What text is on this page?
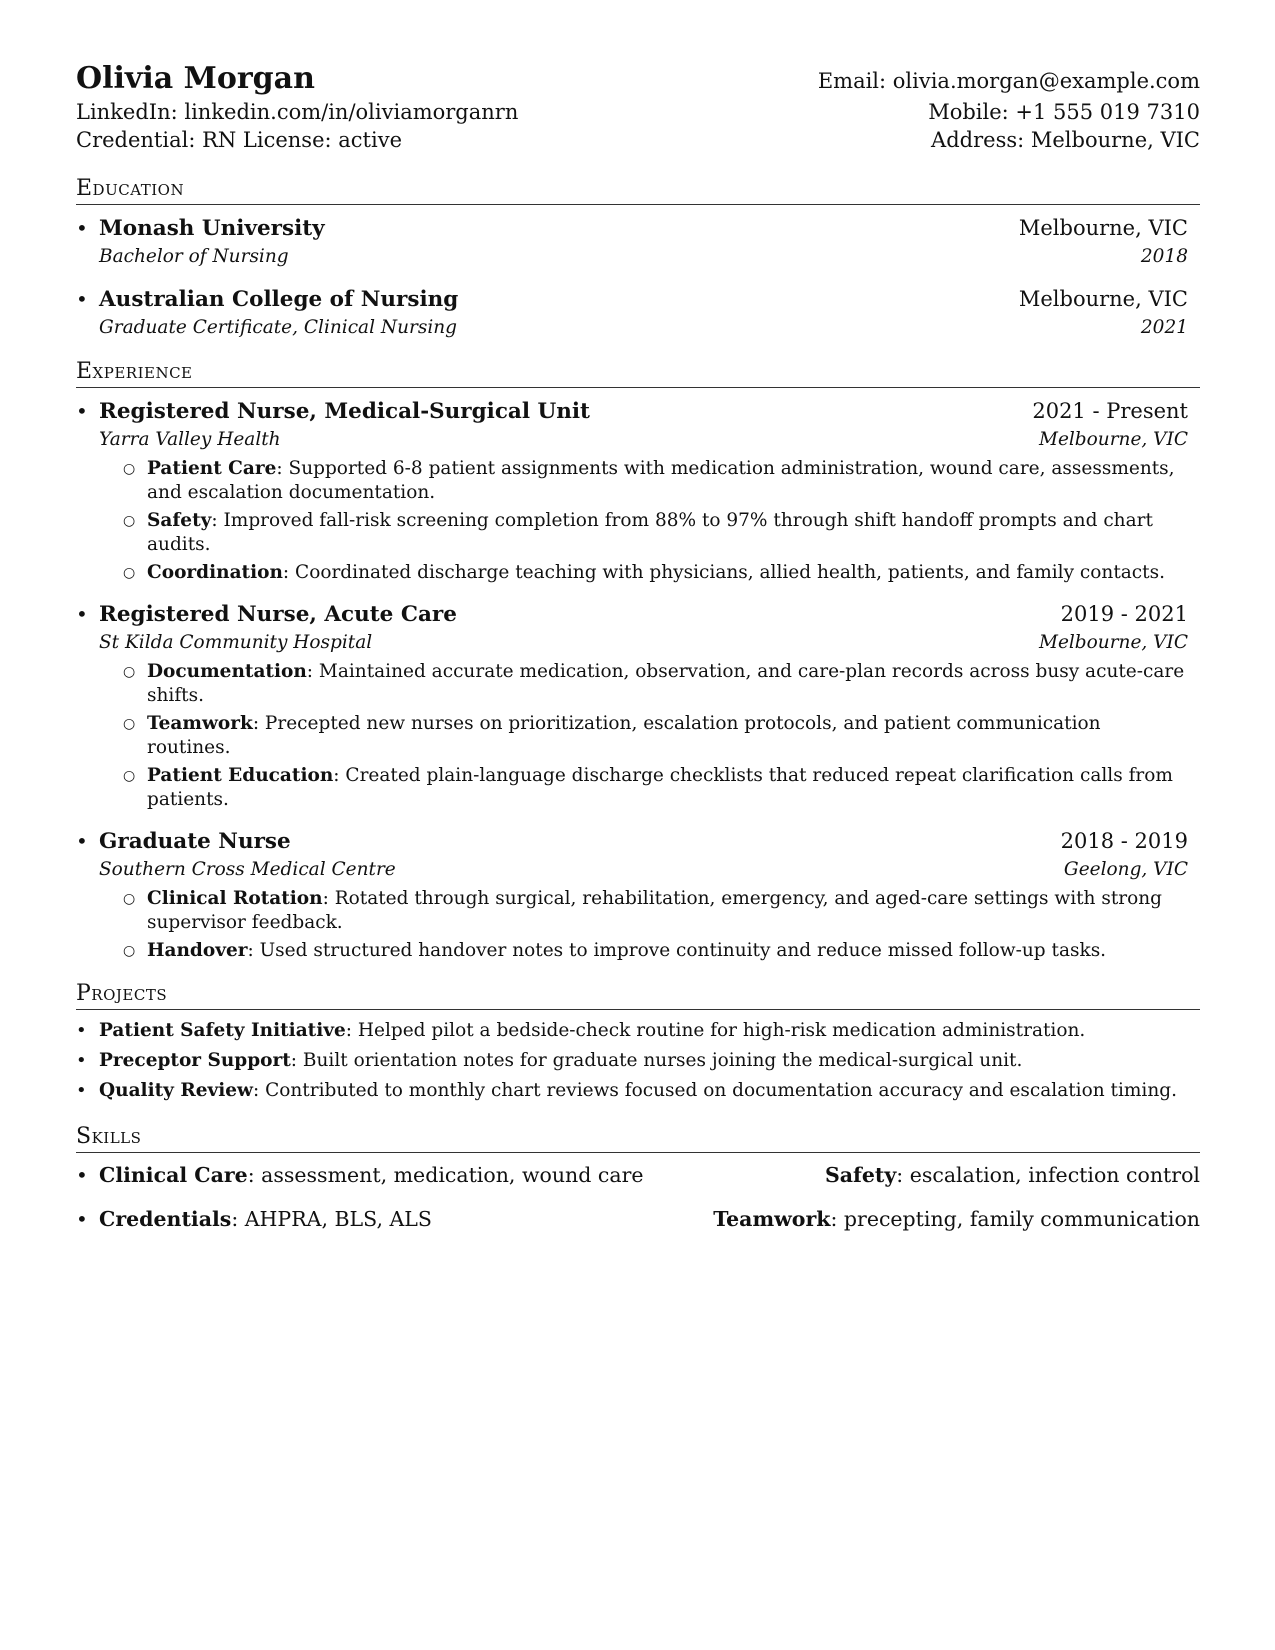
Olivia Morgan	Email: olivia.morgan@example.com
LinkedIn: linkedin.com/in/oliviamorganrn	Mobile: +1 555 019 7310
Credential: RN License: active	Address: Melbourne, VIC
Education
• Monash University	Melbourne, VIC
Bachelor of Nursing	2018
• Australian College of Nursing	Melbourne, VIC
Graduate Certificate, Clinical Nursing	2021
Experience
• Registered Nurse, Medical-Surgical Unit	2021 - Present
Yarra Valley Health	Melbourne, VIC
○ Patient Care: Supported 6-8 patient assignments with medication administration, wound care, assessments, and escalation documentation.
○ Safety: Improved fall-risk screening completion from 88% to 97% through shift handoff prompts and chart audits.
○ Coordination: Coordinated discharge teaching with physicians, allied health, patients, and family contacts.
• Registered Nurse, Acute Care	2019 - 2021
St Kilda Community Hospital	Melbourne, VIC
○ Documentation: Maintained accurate medication, observation, and care-plan records across busy acute-care shifts.
○ Teamwork: Precepted new nurses on prioritization, escalation protocols, and patient communication routines.
○ Patient Education: Created plain-language discharge checklists that reduced repeat clarification calls from patients.
• Graduate Nurse	2018 - 2019
Southern Cross Medical Centre	Geelong, VIC
○ Clinical Rotation: Rotated through surgical, rehabilitation, emergency, and aged-care settings with strong supervisor feedback.
○ Handover: Used structured handover notes to improve continuity and reduce missed follow-up tasks.
Projects
• Patient Safety Initiative: Helped pilot a bedside-check routine for high-risk medication administration.
• Preceptor Support: Built orientation notes for graduate nurses joining the medical-surgical unit.
• Quality Review: Contributed to monthly chart reviews focused on documentation accuracy and escalation timing.
Skills
• Clinical Care: assessment, medication, wound care	Safety: escalation, infection control
• Credentials: AHPRA, BLS, ALS	Teamwork: precepting, family communication
